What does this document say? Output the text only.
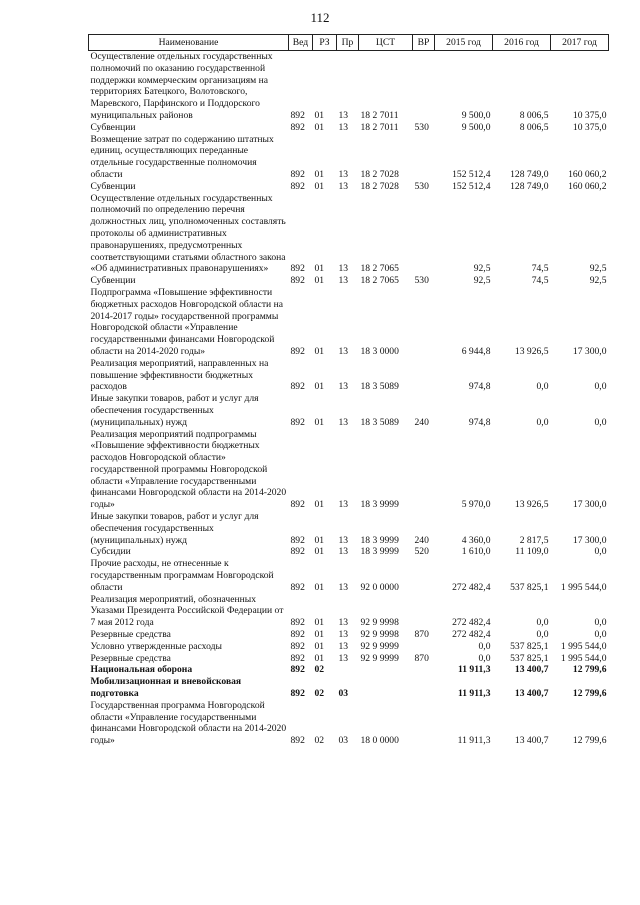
112
Наименование	Вед	РЗ	Пр	ЦСТ	ВР	2015 год	2016 год	2017 год
Осуществление отдельных государственных полномочий по оказанию государственной поддержки коммерческим организациям на территориях Батецкого, Волотовского, Маревского, Парфинского и Поддорского муниципальных районов	892	01	13	18 2 7011		9 500,0	8 006,5	10 375,0
Субвенции	892	01	13	18 2 7011	530	9 500,0	8 006,5	10 375,0
Возмещение затрат по содержанию штатных единиц, осуществляющих переданные отдельные государственные полномочия области	892	01	13	18 2 7028		152 512,4	128 749,0	160 060,2
Субвенции	892	01	13	18 2 7028	530	152 512,4	128 749,0	160 060,2
Осуществление отдельных государственных полномочий по определению перечня должностных лиц, уполномоченных составлять протоколы об административных правонарушениях, предусмотренных соответствующими статьями областного закона «Об административных правонарушениях»	892	01	13	18 2 7065		92,5	74,5	92,5
Субвенции	892	01	13	18 2 7065	530	92,5	74,5	92,5
Подпрограмма «Повышение эффективности бюджетных расходов Новгородской области на 2014-2017 годы» государственной программы Новгородской области «Управление государственными финансами Новгородской области на 2014-2020 годы»	892	01	13	18 3 0000		6 944,8	13 926,5	17 300,0
Реализация мероприятий, направленных на повышение эффективности бюджетных расходов	892	01	13	18 3 5089		974,8	0,0	0,0
Иные закупки товаров, работ и услуг для обеспечения государственных (муниципальных) нужд	892	01	13	18 3 5089	240	974,8	0,0	0,0
Реализация мероприятий подпрограммы «Повышение эффективности бюджетных расходов Новгородской области» государственной программы Новгородской области «Управление государственными финансами Новгородской области на 2014-2020 годы»	892	01	13	18 3 9999		5 970,0	13 926,5	17 300,0
Иные закупки товаров, работ и услуг для обеспечения государственных (муниципальных) нужд	892	01	13	18 3 9999	240	4 360,0	2 817,5	17 300,0
Субсидии	892	01	13	18 3 9999	520	1 610,0	11 109,0	0,0
Прочие расходы, не отнесенные к государственным программам Новгородской области	892	01	13	92 0 0000		272 482,4	537 825,1	1 995 544,0
Реализация мероприятий, обозначенных Указами Президента Российской Федерации от 7 мая 2012 года	892	01	13	92 9 9998		272 482,4	0,0	0,0
Резервные средства	892	01	13	92 9 9998	870	272 482,4	0,0	0,0
Условно утвержденные расходы	892	01	13	92 9 9999		0,0	537 825,1	1 995 544,0
Резервные средства	892	01	13	92 9 9999	870	0,0	537 825,1	1 995 544,0
Национальная оборона	892	02				11 911,3	13 400,7	12 799,6
Мобилизационная и вневойсковая подготовка	892	02	03			11 911,3	13 400,7	12 799,6
Государственная программа Новгородской области «Управление государственными финансами Новгородской области на 2014-2020 годы»	892	02	03	18 0 0000		11 911,3	13 400,7	12 799,6
